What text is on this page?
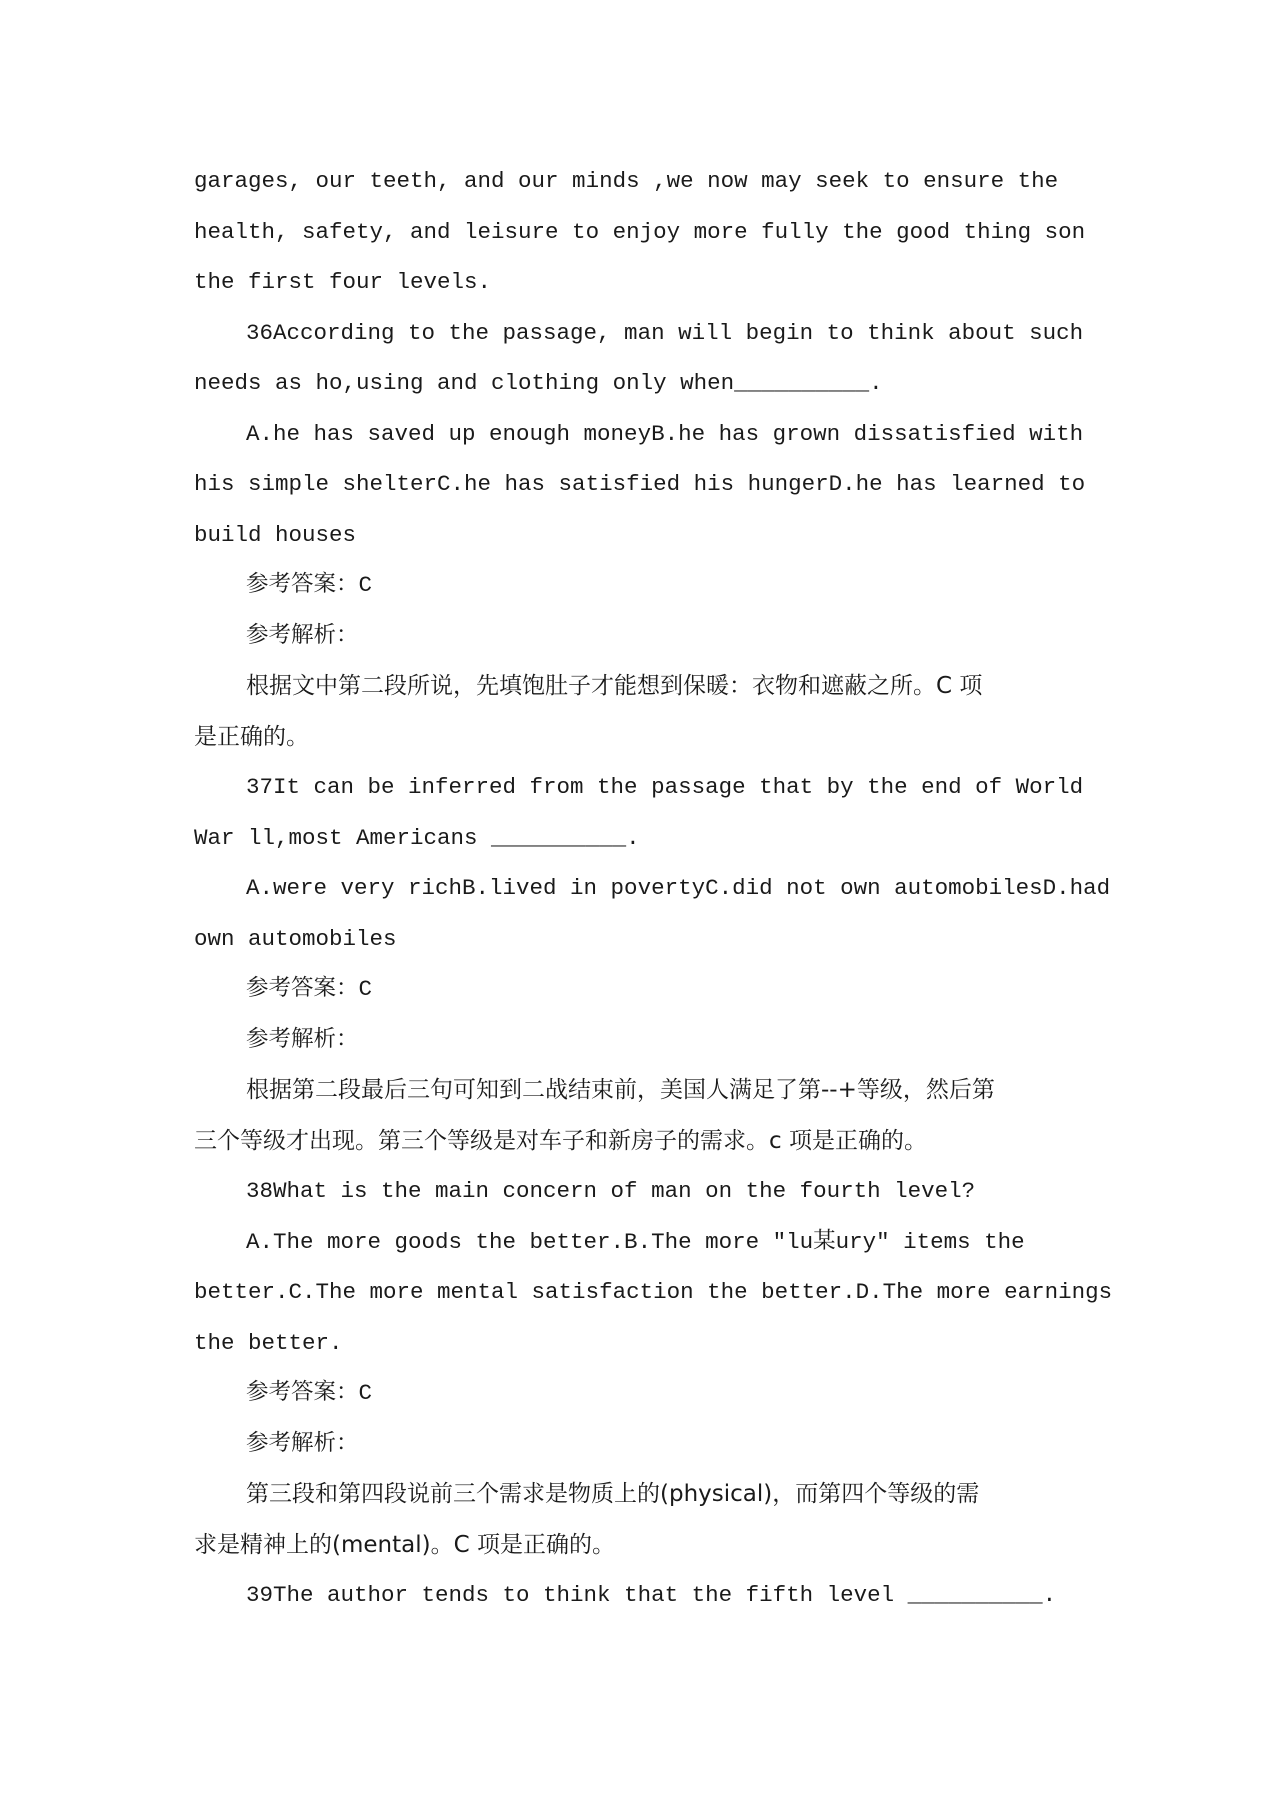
garages, our teeth, and our minds ,we now may seek to ensure the
health, safety, and leisure to enjoy more fully the good thing son
the first four levels.
36According to the passage, man will begin to think about such
needs as ho,using and clothing only when__________.
A.he has saved up enough moneyB.he has grown dissatisfied with
his simple shelterC.he has satisfied his hungerD.he has learned to
build houses
参考答案：C
参考解析：
根据文中第二段所说，先填饱肚子才能想到保暖：衣物和遮蔽之所。C 项
是正确的。
37It can be inferred from the passage that by the end of World
War ll,most Americans __________.
A.were very richB.lived in povertyC.did not own automobilesD.had
own automobiles
参考答案：C
参考解析：
根据第二段最后三句可知到二战结束前，美国人满足了第--+等级，然后第
三个等级才出现。第三个等级是对车子和新房子的需求。c 项是正确的。
38What is the main concern of man on the fourth level?
A.The more goods the better.B.The more "lu某ury" items the
better.C.The more mental satisfaction the better.D.The more earnings
the better.
参考答案：C
参考解析：
第三段和第四段说前三个需求是物质上的(physical)，而第四个等级的需
求是精神上的(mental)。C 项是正确的。
39The author tends to think that the fifth level __________.
